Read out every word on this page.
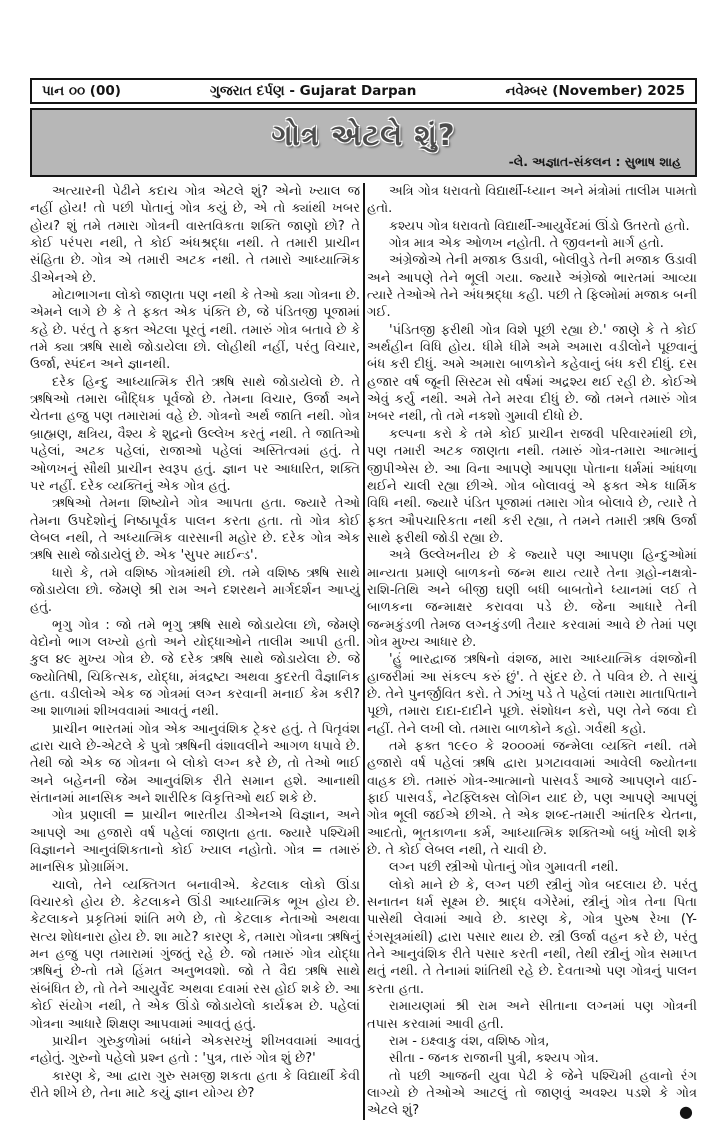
પાન ૦૦ (00)	ગુજરાત દર્પણ - Gujarat Darpan	નવેમ્બર (November) 2025
ગોત્ર એટલે શું?
-લે. અજ્ઞાત-સંકલન : સુભાષ શાહ

અત્યારની પેઢીને કદાચ ગોત્ર એટલે શું? એનો ખ્યાલ જ નહીં હોય! તો પછી પોતાનું ગોત્ર કયું છે, એ તો ક્યાંથી ખબર હોય? શું તમે તમારા ગોત્રની વાસ્તવિકતા શક્તિ જાણો છો? તે કોઈ પરંપરા નથી, તે કોઈ અંધશ્રદ્ધા નથી. તે તમારી પ્રાચીન સંહિતા છે. ગોત્ર એ તમારી અટક નથી. તે તમારો આધ્યાત્મિક ડીએનએ છે.

મોટાભાગના લોકો જાણતા પણ નથી કે તેઓ ક્યા ગોત્રના છે. એમને લાગે છે કે તે ફક્ત એક પંક્તિ છે, જે પંડિતજી પૂજામાં કહે છે. પરંતુ તે ફક્ત એટલા પૂરતું નથી. તમારું ગોત્ર બતાવે છે કે તમે ક્યા ઋષિ સાથે જોડાયેલા છો. લોહીથી નહીં, પરંતુ વિચાર, ઉર્જા, સ્પંદન અને જ્ઞાનથી.

દરેક હિન્દુ આધ્યાત્મિક રીતે ઋષિ સાથે જોડાયેલો છે. તે ઋષિઓ તમારા બૌદ્ધિક પૂર્વજો છે. તેમના વિચાર, ઉર્જા અને ચેતના હજુ પણ તમારામાં વહે છે. ગોત્રનો અર્થ જાતિ નથી. ગોત્ર બ્રાહ્મણ, ક્ષત્રિય, વૈશ્ય કે શુદ્રનો ઉલ્લેખ કરતું નથી. તે જાતિઓ પહેલાં, અટક પહેલાં, રાજાઓ પહેલાં અસ્તિત્વમાં હતું. તે ઓળખનું સૌથી પ્રાચીન સ્વરૂપ હતું. જ્ઞાન પર આધારિત, શક્તિ પર નહીં. દરેક વ્યક્તિનું એક ગોત્ર હતું.

ઋષિઓ તેમના શિષ્યોને ગોત્ર આપતા હતા. જ્યારે તેઓ તેમના ઉપદેશોનું નિષ્ઠાપૂર્વક પાલન કરતા હતા. તો ગોત્ર કોઈ લેબલ નથી, તે અધ્યાત્મિક વારસાની મહોર છે. દરેક ગોત્ર એક ઋષિ સાથે જોડાયેલું છે. એક 'સુપર માઈન્ડ'.

ધારો કે, તમે વશિષ્ઠ ગોત્રમાંથી છો. તમે વશિષ્ઠ ઋષિ સાથે જોડાયેલા છો. જેમણે શ્રી રામ અને દશરથને માર્ગદર્શન આપ્યું હતું.

ભૃગુ ગોત્ર : જો તમે ભૃગુ ઋષિ સાથે જોડાયેલા છો, જેમણે વેદોનો ભાગ લખ્યો હતો અને યોદ્ધાઓને તાલીમ આપી હતી. કુલ ૪૯ મુખ્ય ગોત્ર છે. જે દરેક ઋષિ સાથે જોડાયેલા છે. જે જ્યોતિષી, ચિકિત્સક, યોદ્ધા, મંત્રદ્રષ્ટા અથવા કુદરતી વૈજ્ઞાનિક હતા. વડીલોએ એક જ ગોત્રમાં લગ્ન કરવાની મનાઈ કેમ કરી? આ શાળામાં શીખવવામાં આવતું નથી.

પ્રાચીન ભારતમાં ગોત્ર એક આનુવંશિક ટ્રેકર હતું. તે પિતૃવંશ દ્વારા ચાલે છે-એટલે કે પુત્રો ઋષિની વંશાવલીને આગળ ધપાવે છે. તેથી જો એક જ ગોત્રના બે લોકો લગ્ન કરે છે, તો તેઓ ભાઈ અને બહેનની જેમ આનુવંશિક રીતે સમાન હશે. આનાથી સંતાનમાં માનસિક અને શારીરિક વિકૃત્તિઓ થઈ શકે છે.

ગોત્ર પ્રણાલી = પ્રાચીન ભારતીય ડીએનએ વિજ્ઞાન, અને આપણે આ હજારો વર્ષ પહેલાં જાણતા હતા. જ્યારે પશ્ચિમી વિજ્ઞાનને આનુવંશિકતાનો કોઈ ખ્યાલ નહોતો. ગોત્ર = તમારું માનસિક પ્રોગ્રામિંગ.

ચાલો, તેને વ્યક્તિગત બનાવીએ. કેટલાક લોકો ઊંડા વિચારકો હોય છે. કેટલાકને ઊંડી આધ્યાત્મિક ભૂખ હોય છે. કેટલાકને પ્રકૃતિમાં શાંતિ મળે છે, તો કેટલાક નેતાઓ અથવા સત્ય શોધનારા હોય છે. શા માટે? કારણ કે, તમારા ગોત્રના ઋષિનું મન હજુ પણ તમારામાં ગુંજતું રહે છે. જો તમારું ગોત્ર યોદ્ધા ઋષિનું છે-તો તમે હિંમત અનુભવશો. જો તે વૈદ્ય ઋષિ સાથે સંબંધિત છે, તો તેને આયુર્વેદ અથવા દવામાં રસ હોઈ શકે છે. આ કોઈ સંયોગ નથી, તે એક ઊંડો જોડાયેલો કાર્યક્રમ છે. પહેલાં ગોત્રના આધારે શિક્ષણ આપવામાં આવતું હતું.

પ્રાચીન ગુરુકુળોમાં બધાંને એકસરખું શીખવવામાં આવતું નહોતું. ગુરુનો પહેલો પ્રશ્ન હતો : 'પુત્ર, તારું ગોત્ર શું છે?'

કારણ કે, આ દ્વારા ગુરુ સમજી શકતા હતા કે વિદ્યાર્થી કેવી રીતે શીખે છે, તેના માટે કયું જ્ઞાન યોગ્ય છે?

અત્રિ ગોત્ર ધરાવતો વિદ્યાર્થી-ધ્યાન અને મંત્રોમાં તાલીમ પામતો હતો.

કશ્યપ ગોત્ર ધરાવતો વિદ્યાર્થી-આયુર્વેદમાં ઊંડો ઉતરતો હતો.

ગોત્ર માત્ર એક ઓળખ નહોતી. તે જીવનનો માર્ગ હતો.

અંગ્રેજોએ તેની મજાક ઉડાવી, બોલીવુડે તેની મજાક ઉડાવી અને આપણે તેને ભૂલી ગયા. જ્યારે અંગ્રેજો ભારતમાં આવ્યા ત્યારે તેઓએ તેને અંધશ્રદ્ધા કહી. પછી તે ફિલ્મોમાં મજાક બની ગઈ.

'પંડિતજી ફરીથી ગોત્ર વિશે પૂછી રહ્યા છે.' જાણે કે તે કોઈ અર્થહીન વિધિ હોય. ધીમે ધીમે અમે અમારા વડીલોને પૂછવાનું બંધ કરી દીધું. અમે અમારા બાળકોને કહેવાનું બંધ કરી દીધું. દસ હજાર વર્ષ જૂની સિસ્ટમ સો વર્ષમાં અદ્રશ્ય થઈ રહી છે. કોઈએ એવું કર્યુ નથી. અમે તેને મરવા દીધું છે. જો તમને તમારું ગોત્ર ખબર નથી, તો તમે નકશો ગુમાવી દીધો છે.

કલ્પના કરો કે તમે કોઈ પ્રાચીન રાજવી પરિવારમાંથી છો, પણ તમારી અટક જાણતા નથી. તમારું ગોત્ર-તમારા આત્માનું જીપીએસ છે. આ વિના આપણે આપણા પોતાના ધર્મમાં આંધળા થઈને ચાલી રહ્યા છીએ. ગોત્ર બોલાવવું એ ફક્ત એક ધાર્મિક વિધિ નથી. જ્યારે પંડિત પૂજામાં તમારા ગોત્ર બોલાવે છે, ત્યારે તે ફક્ત ઔપચારિકતા નથી કરી રહ્યા, તે તમને તમારી ઋષિ ઉર્જા સાથે ફરીથી જોડી રહ્યા છે.

અત્રે ઉલ્લેખનીય છે કે જ્યારે પણ આપણા હિન્દુઓમાં માન્યતા પ્રમાણે બાળકનો જન્મ થાય ત્યારે તેના ગ્રહો-નક્ષત્રો-રાશિ-તિથિ અને બીજી ઘણી બધી બાબતોને ધ્યાનમાં લઈ તે બાળકના જન્માક્ષર કરાવવા પડે છે. જેના આધારે તેની જન્મકુંડળી તેમજ લગ્નકુંડળી તૈયાર કરવામાં આવે છે તેમાં પણ ગોત્ર મુખ્ય આધાર છે.

'હું ભારદ્વાજ ઋષિનો વંશજ, મારા આધ્યાત્મિક વંશજોની હાજરીમાં આ સંકલ્પ કરું છું'. તે સુંદર છે. તે પવિત્ર છે. તે સાચું છે. તેને પુનર્જીવિત કરો. તે ઝાંખુ પડે તે પહેલાં તમારા માતાપિતાને પૂછો, તમારા દાદા-દાદીને પૂછો. સંશોધન કરો, પણ તેને જવા દો નહીં. તેને લખી લો. તમારા બાળકોને કહો. ગર્વથી કહો.

તમે ફક્ત ૧૯૯૦ કે ૨૦૦૦માં જન્મેલા વ્યક્તિ નથી. તમે હજારો વર્ષ પહેલાં ઋષિ દ્વારા પ્રગટાવવામાં આવેલી જ્યોતના વાહક છો. તમારું ગોત્ર-આત્માનો પાસવર્ડ આજે આપણને વાઈ-ફાઈ પાસવર્ડ, નેટફ્લિક્સ લોગિન યાદ છે, પણ આપણે આપણું ગોત્ર ભૂલી જઈએ છીએ. તે એક શબ્દ-તમારી આંતરિક ચેતના, આદતો, ભૂતકાળના કર્મ, આધ્યાત્મિક શક્તિઓ બધું ખોલી શકે છે. તે કોઈ લેબલ નથી, તે ચાવી છે.

લગ્ન પછી સ્ત્રીઓ પોતાનું ગોત્ર ગુમાવતી નથી.

લોકો માને છે કે, લગ્ન પછી સ્ત્રીનું ગોત્ર બદલાય છે. પરંતુ સનાતન ધર્મ સૂક્ષ્મ છે. શ્રાદ્ધ વગેરેમાં, સ્ત્રીનું ગોત્ર તેના પિતા પાસેથી લેવામાં આવે છે. કારણ કે, ગોત્ર પુરુષ રેખા (Y-રંગસૂત્રમાંથી) દ્વારા પસાર થાય છે. સ્ત્રી ઉર્જા વહન કરે છે, પરંતુ તેને આનુવંશિક રીતે પસાર કરતી નથી, તેથી સ્ત્રીનું ગોત્ર સમાપ્ત થતું નથી. તે તેનામાં શાંતિથી રહે છે. દેવતાઓ પણ ગોત્રનું પાલન કરતા હતા.

રામાયણમાં શ્રી રામ અને સીતાના લગ્નમાં પણ ગોત્રની તપાસ કરવામાં આવી હતી.

રામ - ઇક્ષ્વાકુ વંશ, વશિષ્ઠ ગોત્ર,

સીતા - જનક રાજાની પુત્રી, કશ્યપ ગોત્ર.

તો પછી આજની યુવા પેઢી કે જેને પશ્ચિમી હવાનો રંગ લાગ્યો છે તેઓએ આટલું તો જાણવું અવશ્ય પડશે કે ગોત્ર એટલે શું?	●
